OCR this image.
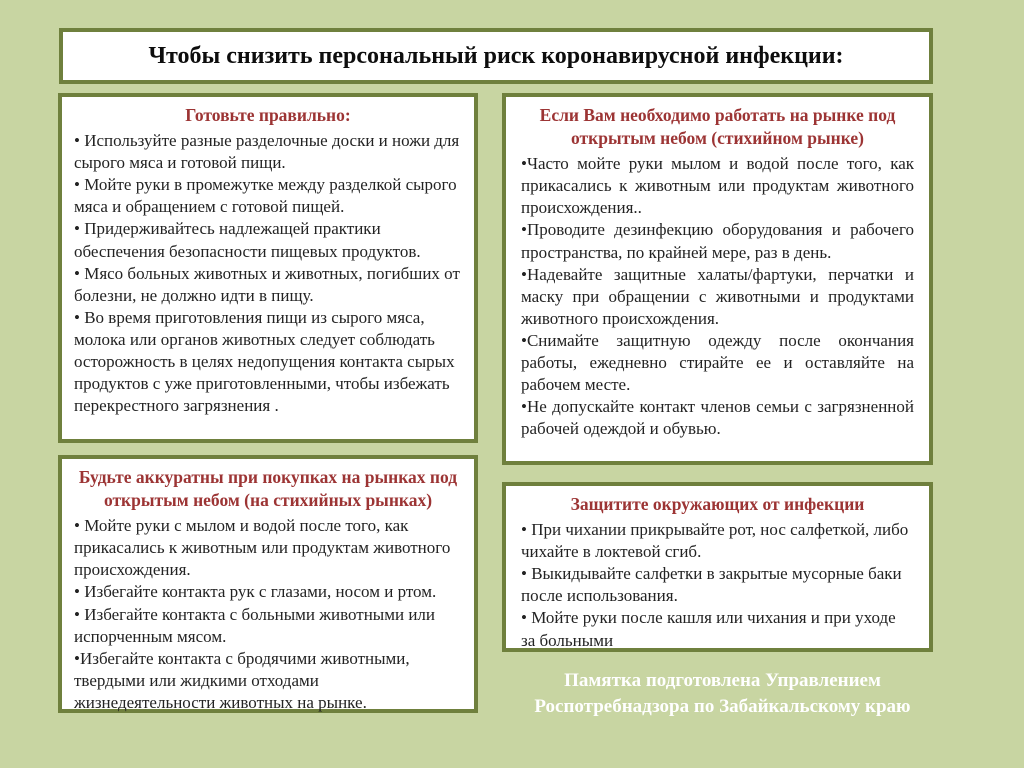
Чтобы снизить персональный риск коронавирусной инфекции:
Готовьте правильно:

• Используйте разные разделочные доски и ножи для сырого мяса и готовой пищи.

• Мойте руки в промежутке между разделкой сырого мяса и обращением с готовой пищей.

• Придерживайтесь надлежащей практики обеспечения безопасности пищевых продуктов.

• Мясо больных животных и животных, погибших от болезни, не должно идти в пищу.

• Во время приготовления пищи из сырого мяса, молока или органов животных следует соблюдать осторожность в целях недопущения контакта сырых продуктов с уже приготовленными, чтобы избежать перекрестного загрязнения .

Если Вам необходимо работать на рынке под открытым небом (стихийном рынке)

•Часто мойте руки мылом и водой после того, как прикасались к животным или продуктам животного происхождения..

•Проводите дезинфекцию оборудования и рабочего пространства, по крайней мере, раз в день.

•Надевайте защитные халаты/фартуки, перчатки и маску при обращении с животными и продуктами животного происхождения.

•Снимайте защитную одежду после окончания работы, ежедневно стирайте ее и оставляйте на рабочем месте.

•Не допускайте контакт членов семьи с загрязненной рабочей одеждой и обувью.

Будьте аккуратны при покупках на рынках под открытым небом (на стихийных рынках)

• Мойте руки с мылом и водой после того, как прикасались к животным или продуктам животного происхождения.

• Избегайте контакта рук с глазами, носом и ртом.

• Избегайте контакта с больными животными или испорченным мясом.

•Избегайте контакта с бродячими животными, твердыми или жидкими отходами жизнедеятельности животных на рынке.

Защитите окружающих от инфекции

• При чихании прикрывайте рот, нос салфеткой, либо чихайте в локтевой сгиб.

• Выкидывайте салфетки в закрытые мусорные баки после использования.

• Мойте руки после кашля или чихания и при уходе за больными

Памятка подготовлена Управлением Роспотребнадзора по Забайкальскому краю
